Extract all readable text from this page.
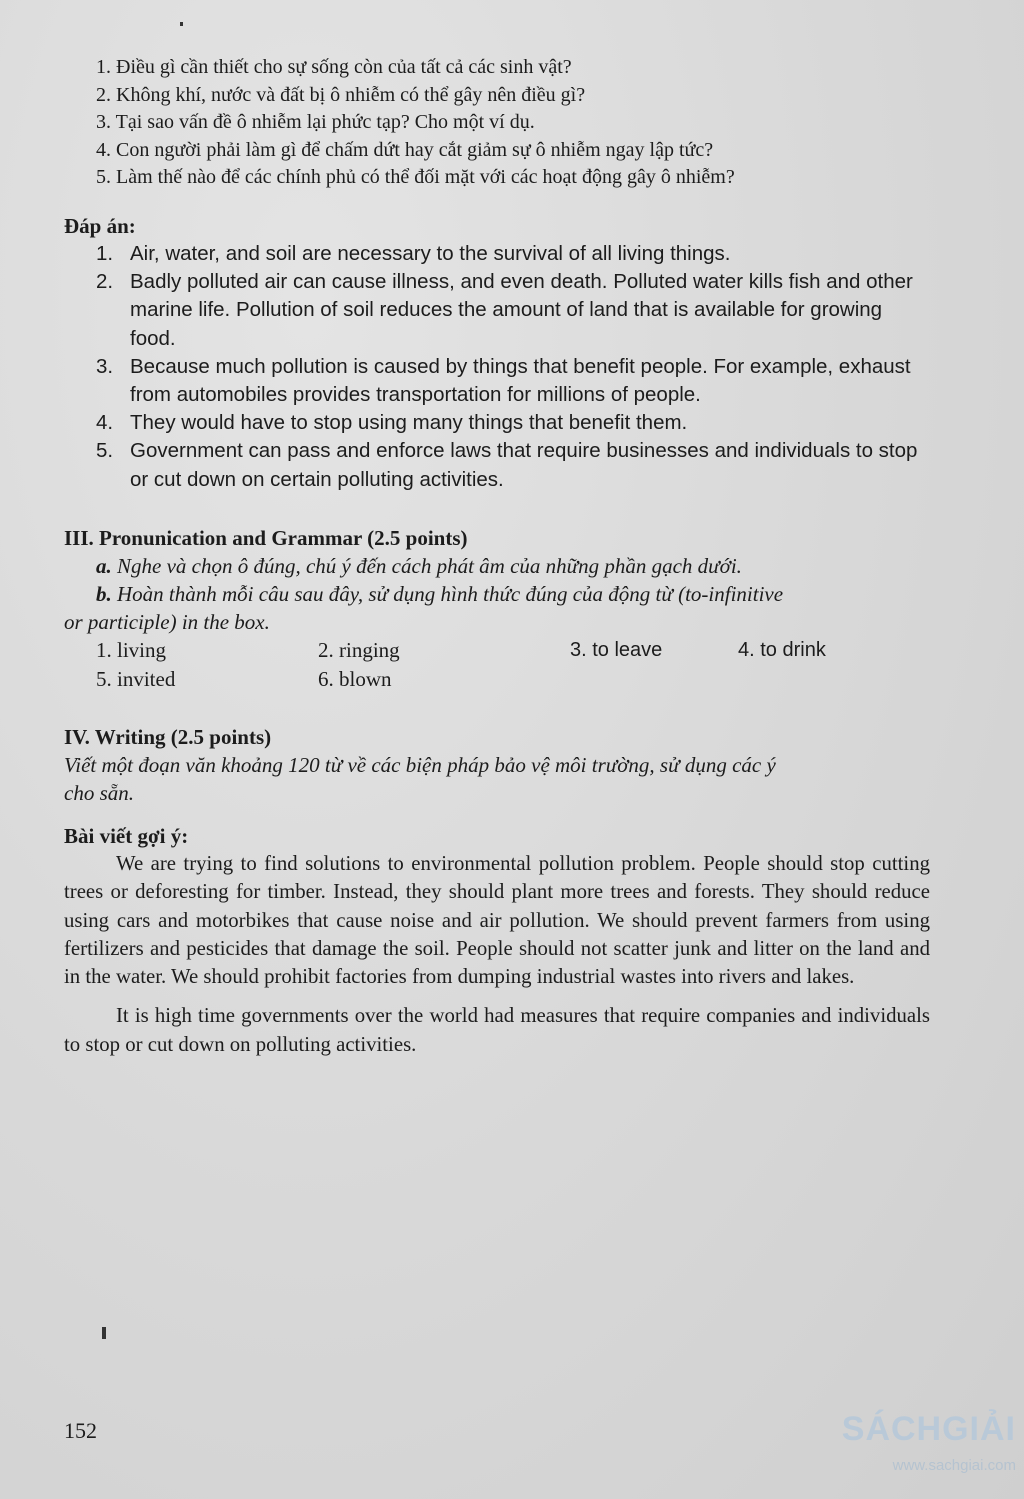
1. Điều gì cần thiết cho sự sống còn của tất cả các sinh vật?
2. Không khí, nước và đất bị ô nhiễm có thể gây nên điều gì?
3. Tại sao vấn đề ô nhiễm lại phức tạp? Cho một ví dụ.
4. Con người phải làm gì để chấm dứt hay cắt giảm sự ô nhiễm ngay lập tức?
5. Làm thế nào để các chính phủ có thể đối mặt với các hoạt động gây ô nhiễm?
Đáp án:
1. Air, water, and soil are necessary to the survival of all living things.
2. Badly polluted air can cause illness, and even death. Polluted water kills fish and other marine life. Pollution of soil reduces the amount of land that is available for growing food.
3. Because much pollution is caused by things that benefit people. For example, exhaust from automobiles provides transportation for millions of people.
4. They would have to stop using many things that benefit them.
5. Government can pass and enforce laws that require businesses and individuals to stop or cut down on certain polluting activities.
III. Pronunication and Grammar (2.5 points)
a. Nghe và chọn ô đúng, chú ý đến cách phát âm của những phần gạch dưới.
b. Hoàn thành mỗi câu sau đây, sử dụng hình thức đúng của động từ (to-infinitive
or participle) in the box.
1. living	2. ringing	3. to leave	4. to drink
5. invited	6. blown
IV. Writing (2.5 points)
Viết một đoạn văn khoảng 120 từ về các biện pháp bảo vệ môi trường, sử dụng các ý
cho sẵn.
Bài viết gợi ý:

We are trying to find solutions to environmental pollution problem. People should stop cutting trees or deforesting for timber. Instead, they should plant more trees and forests. They should reduce using cars and motorbikes that cause noise and air pollution. We should prevent farmers from using fertilizers and pesticides that damage the soil. People should not scatter junk and litter on the land and in the water. We should prohibit factories from dumping industrial wastes into rivers and lakes.

It is high time governments over the world had measures that require companies and individuals to stop or cut down on polluting activities.

152	SÁCHGIẢI
www.sachgiai.com
